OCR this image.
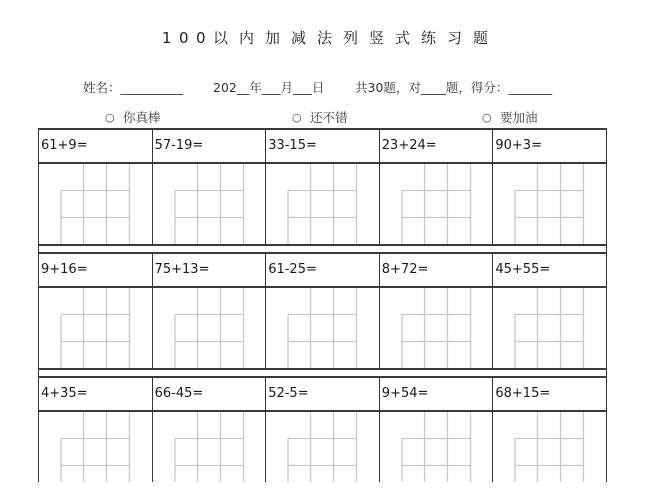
1 0 0 以 内 加 减 法 列 竖 式 练 习 题
姓名：__________ 202__年___月___日 共30题，对____题，得分：_______
○ 你真棒	○ 还不错	○ 要加油
61+9=	57-19=	33-15=	23+24=	90+3=
9+16=	75+13=	61-25=	8+72=	45+55=
4+35=	66-45=	52-5=	9+54=	68+15=
